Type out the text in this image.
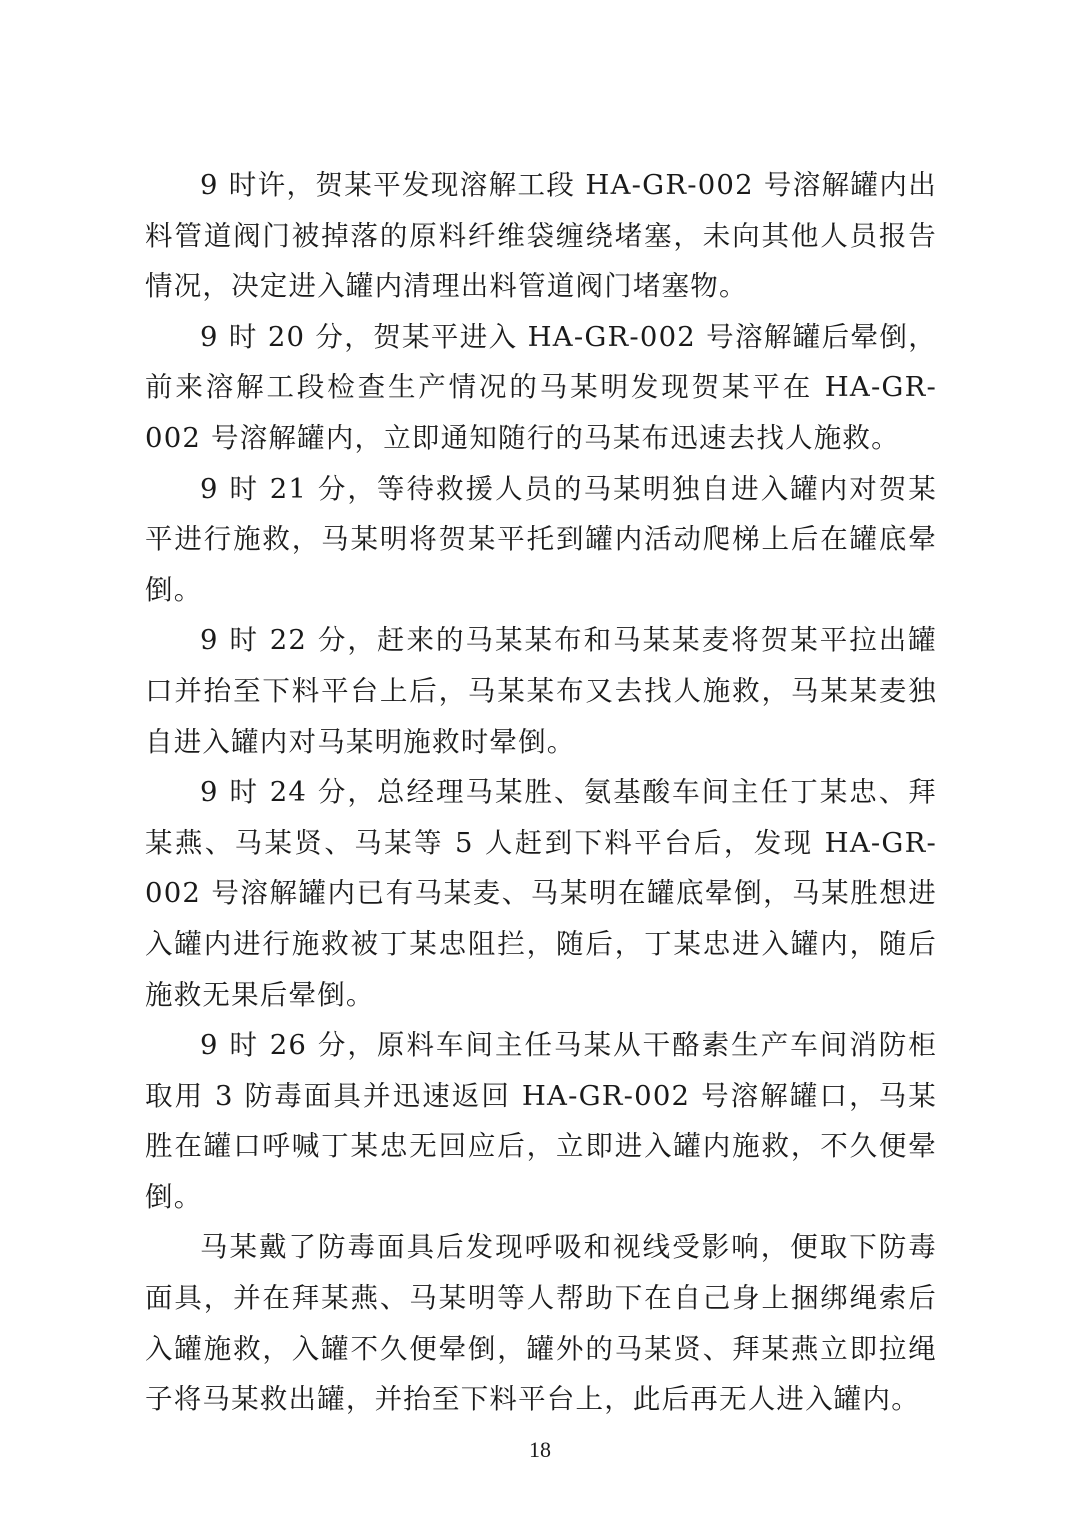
9 时许，贺某平发现溶解工段 HA-GR-002 号溶解罐内出料管道阀门被掉落的原料纤维袋缠绕堵塞，未向其他人员报告情况，决定进入罐内清理出料管道阀门堵塞物。

9 时 20 分，贺某平进入 HA-GR-002 号溶解罐后晕倒，前来溶解工段检查生产情况的马某明发现贺某平在 HA-GR-002 号溶解罐内，立即通知随行的马某布迅速去找人施救。

9 时 21 分，等待救援人员的马某明独自进入罐内对贺某平进行施救，马某明将贺某平托到罐内活动爬梯上后在罐底晕倒。

9 时 22 分，赶来的马某某布和马某某麦将贺某平拉出罐口并抬至下料平台上后，马某某布又去找人施救，马某某麦独自进入罐内对马某明施救时晕倒。

9 时 24 分，总经理马某胜、氨基酸车间主任丁某忠、拜某燕、马某贤、马某等 5 人赶到下料平台后，发现 HA-GR-002 号溶解罐内已有马某麦、马某明在罐底晕倒，马某胜想进入罐内进行施救被丁某忠阻拦，随后，丁某忠进入罐内，随后施救无果后晕倒。

9 时 26 分，原料车间主任马某从干酪素生产车间消防柜取用 3 防毒面具并迅速返回 HA-GR-002 号溶解罐口，马某胜在罐口呼喊丁某忠无回应后，立即进入罐内施救，不久便晕倒。

马某戴了防毒面具后发现呼吸和视线受影响，便取下防毒面具，并在拜某燕、马某明等人帮助下在自己身上捆绑绳索后入罐施救，入罐不久便晕倒，罐外的马某贤、拜某燕立即拉绳子将马某救出罐，并抬至下料平台上，此后再无人进入罐内。

18
